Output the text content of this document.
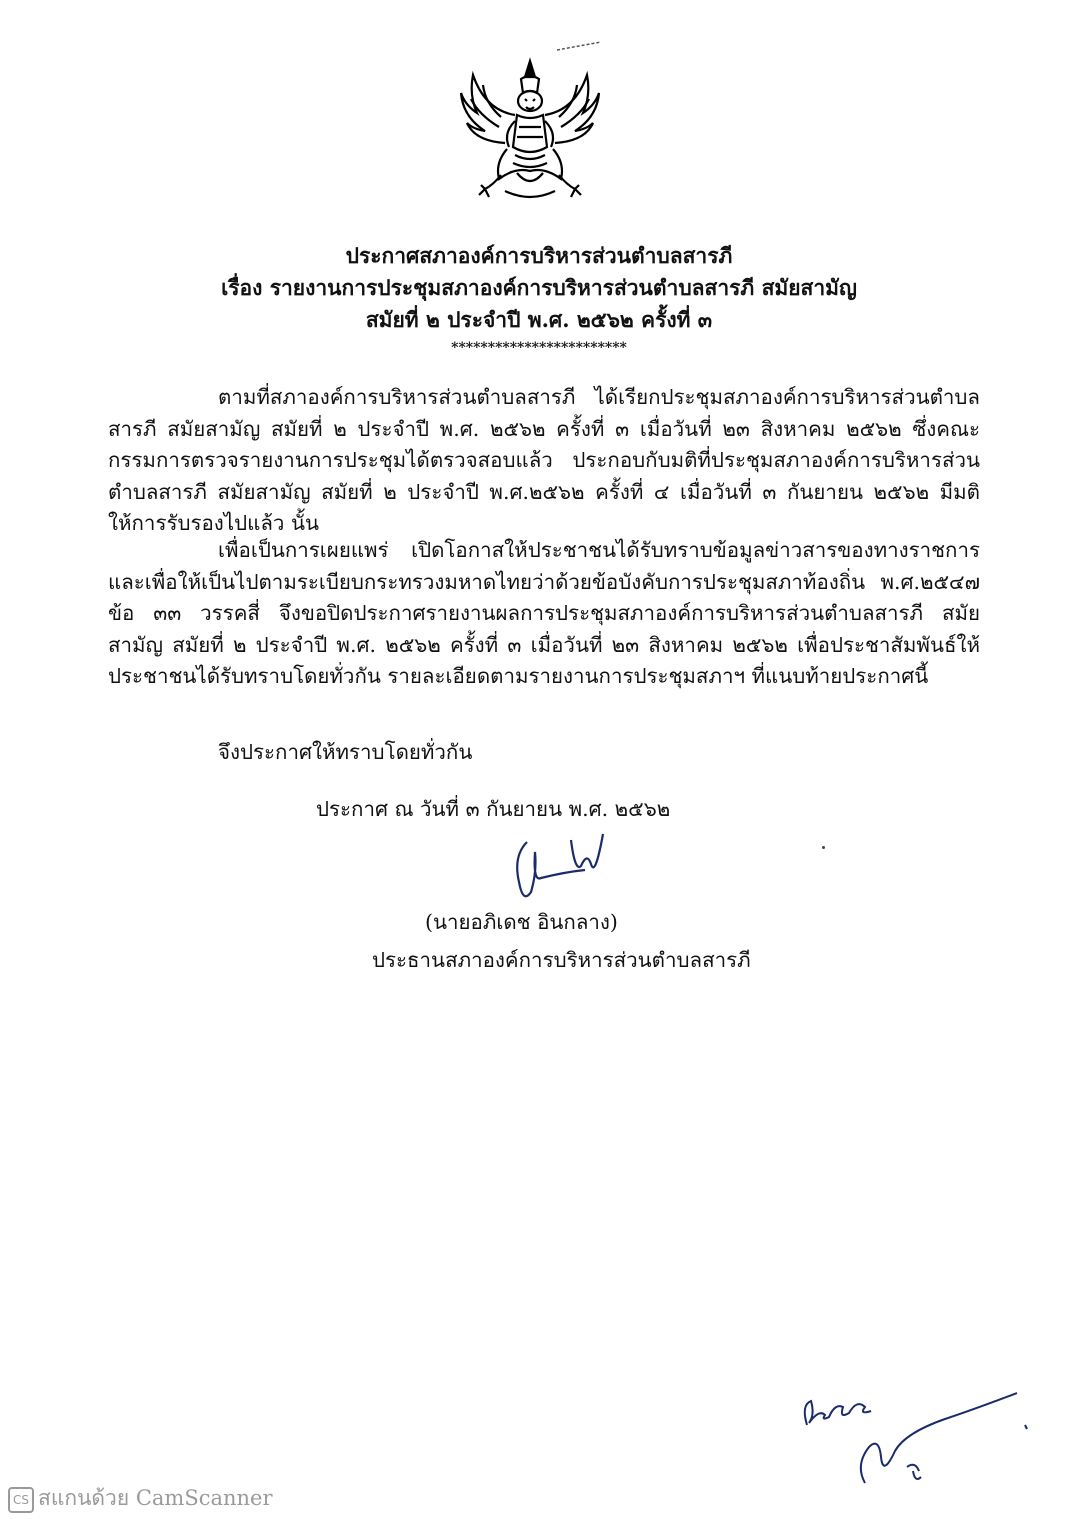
ประกาศสภาองค์การบริหารส่วนตำบลสารภี
เรื่อง รายงานการประชุมสภาองค์การบริหารส่วนตำบลสารภี สมัยสามัญ
สมัยที่ ๒ ประจำปี พ.ศ. ๒๕๖๒ ครั้งที่ ๓
************************
ตามที่สภาองค์การบริหารส่วนตำบลสารภี ได้เรียกประชุมสภาองค์การบริหารส่วนตำบลสารภี สมัยสามัญ สมัยที่ ๒ ประจำปี พ.ศ. ๒๕๖๒ ครั้งที่ ๓ เมื่อวันที่ ๒๓ สิงหาคม ๒๕๖๒ ซึ่งคณะกรรมการตรวจรายงานการประชุมได้ตรวจสอบแล้ว ประกอบกับมติที่ประชุมสภาองค์การบริหารส่วนตำบลสารภี สมัยสามัญ สมัยที่ ๒ ประจำปี พ.ศ.๒๕๖๒ ครั้งที่ ๔ เมื่อวันที่ ๓ กันยายน ๒๕๖๒ มีมติให้การรับรองไปแล้ว นั้น
เพื่อเป็นการเผยแพร่ เปิดโอกาสให้ประชาชนได้รับทราบข้อมูลข่าวสารของทางราชการ และเพื่อให้เป็นไปตามระเบียบกระทรวงมหาดไทยว่าด้วยข้อบังคับการประชุมสภาท้องถิ่น พ.ศ.๒๕๔๗ ข้อ ๓๓ วรรคสี่ จึงขอปิดประกาศรายงานผลการประชุมสภาองค์การบริหารส่วนตำบลสารภี สมัยสามัญ สมัยที่ ๒ ประจำปี พ.ศ. ๒๕๖๒ ครั้งที่ ๓ เมื่อวันที่ ๒๓ สิงหาคม ๒๕๖๒ เพื่อประชาสัมพันธ์ให้ประชาชนได้รับทราบโดยทั่วกัน รายละเอียดตามรายงานการประชุมสภาฯ ที่แนบท้ายประกาศนี้
จึงประกาศให้ทราบโดยทั่วกัน
ประกาศ ณ วันที่ ๓ กันยายน พ.ศ. ๒๕๖๒
(นายอภิเดช อินกลาง)
ประธานสภาองค์การบริหารส่วนตำบลสารภี
CS สแกนด้วย CamScanner
